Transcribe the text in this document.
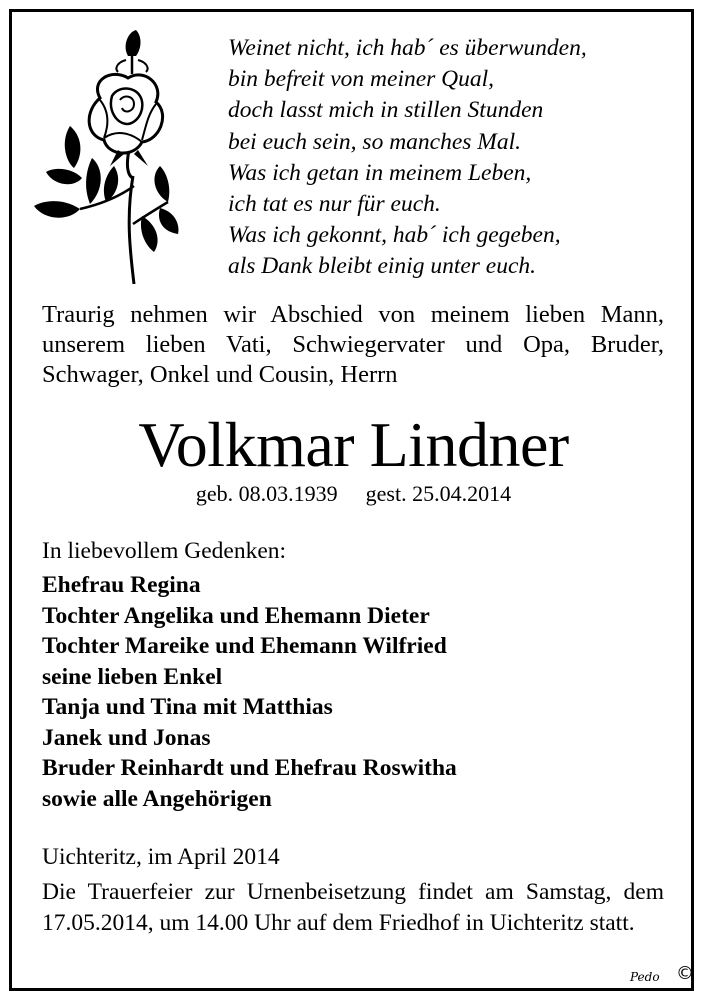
Weinet nicht, ich hab´ es überwunden,
bin befreit von meiner Qual,
doch lasst mich in stillen Stunden
bei euch sein, so manches Mal.
Was ich getan in meinem Leben,
ich tat es nur für euch.
Was ich gekonnt, hab´ ich gegeben,
als Dank bleibt einig unter euch.
Traurig nehmen wir Abschied von meinem lieben Mann, unserem lieben Vati, Schwiegervater und Opa, Bruder, Schwager, Onkel und Cousin, Herrn
Volkmar Lindner
geb. 08.03.1939 gest. 25.04.2014
In liebevollem Gedenken:
Ehefrau Regina
Tochter Angelika und Ehemann Dieter
Tochter Mareike und Ehemann Wilfried
seine lieben Enkel
Tanja und Tina mit Matthias
Janek und Jonas
Bruder Reinhardt und Ehefrau Roswitha
sowie alle Angehörigen
Uichteritz, im April 2014
Die Trauerfeier zur Urnenbeisetzung findet am Samstag, dem 17.05.2014, um 14.00 Uhr auf dem Friedhof in Uichteritz statt.
Pedo ©
